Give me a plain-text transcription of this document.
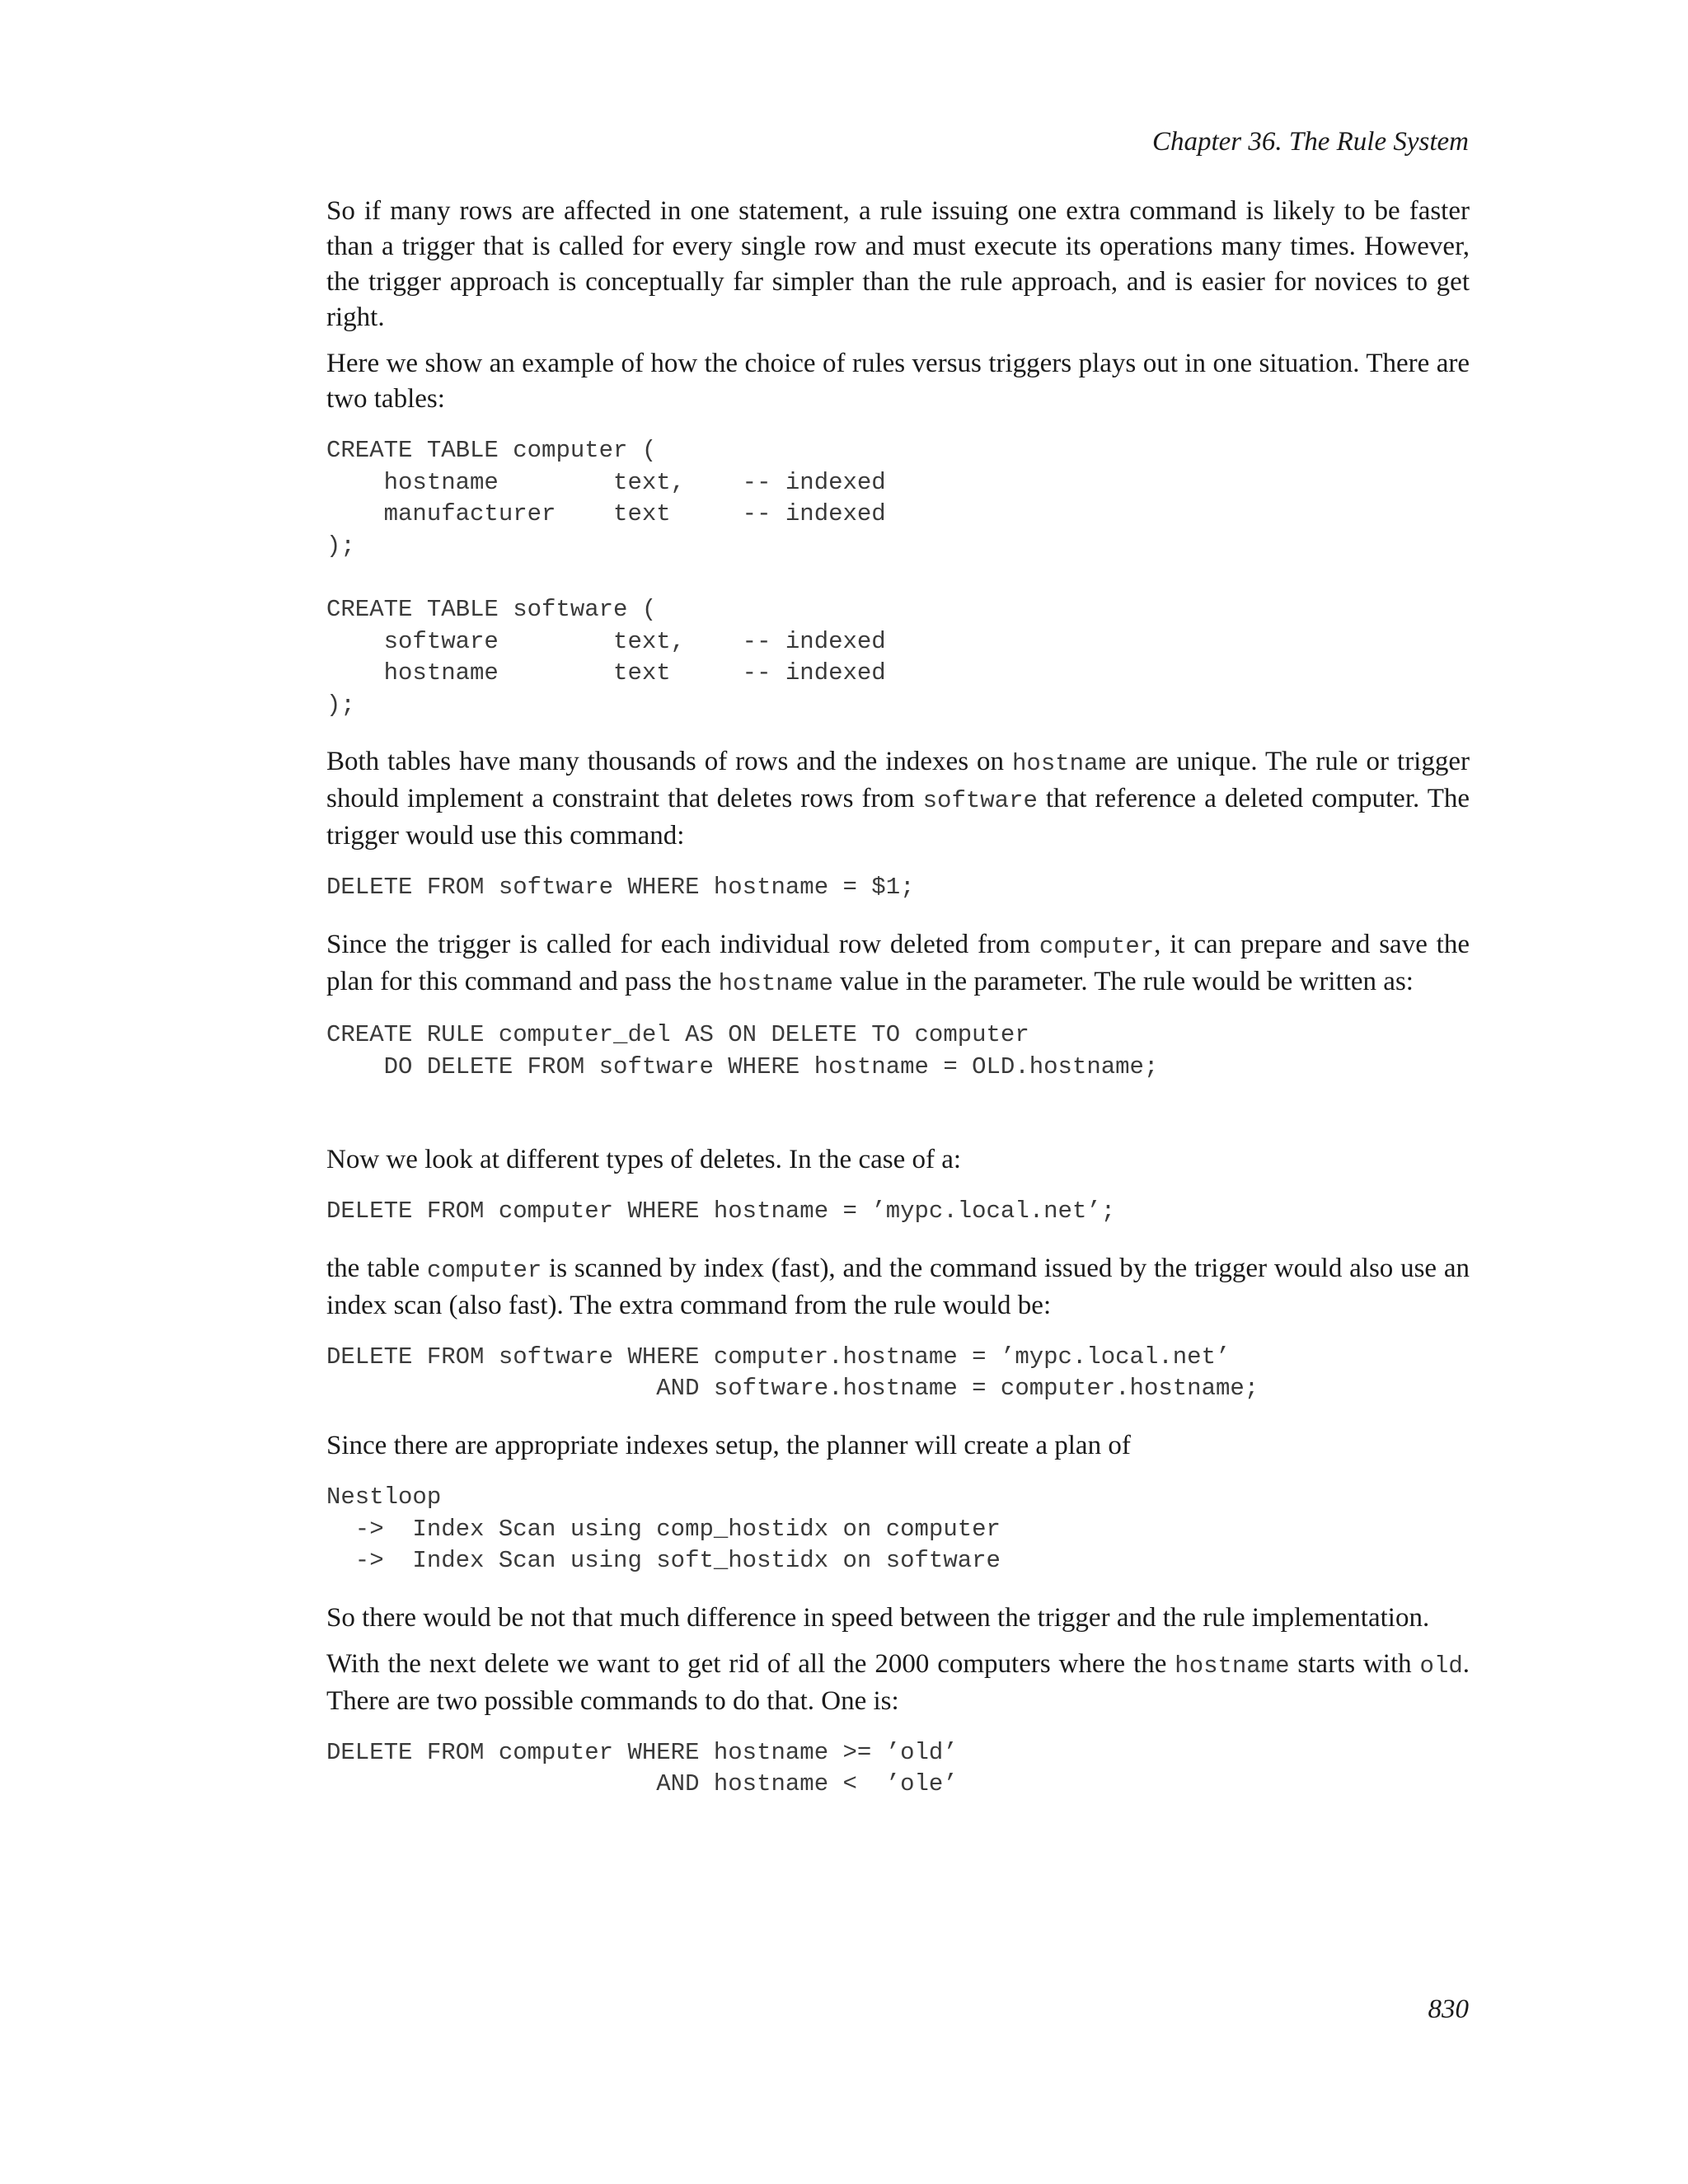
Chapter 36. The Rule System

So if many rows are affected in one statement, a rule issuing one extra command is likely to be faster than a trigger that is called for every single row and must execute its operations many times. However, the trigger approach is conceptually far simpler than the rule approach, and is easier for novices to get right.

Here we show an example of how the choice of rules versus triggers plays out in one situation. There are two tables:

CREATE TABLE computer (
hostname        text,    -- indexed
manufacturer    text     -- indexed
);

CREATE TABLE software (
software        text,    -- indexed
hostname        text     -- indexed
);

Both tables have many thousands of rows and the indexes on hostname are unique. The rule or trigger should implement a constraint that deletes rows from software that reference a deleted computer. The trigger would use this command:

DELETE FROM software WHERE hostname = $1;

Since the trigger is called for each individual row deleted from computer, it can prepare and save the plan for this command and pass the hostname value in the parameter. The rule would be written as:

CREATE RULE computer_del AS ON DELETE TO computer
DO DELETE FROM software WHERE hostname = OLD.hostname;

Now we look at different types of deletes. In the case of a:

DELETE FROM computer WHERE hostname = ’mypc.local.net’;

the table computer is scanned by index (fast), and the command issued by the trigger would also use an index scan (also fast). The extra command from the rule would be:

DELETE FROM software WHERE computer.hostname = ’mypc.local.net’
AND software.hostname = computer.hostname;

Since there are appropriate indexes setup, the planner will create a plan of

Nestloop
->  Index Scan using comp_hostidx on computer
->  Index Scan using soft_hostidx on software

So there would be not that much difference in speed between the trigger and the rule implementation.

With the next delete we want to get rid of all the 2000 computers where the hostname starts with old. There are two possible commands to do that. One is:

DELETE FROM computer WHERE hostname >= ’old’
AND hostname <  ’ole’
830
